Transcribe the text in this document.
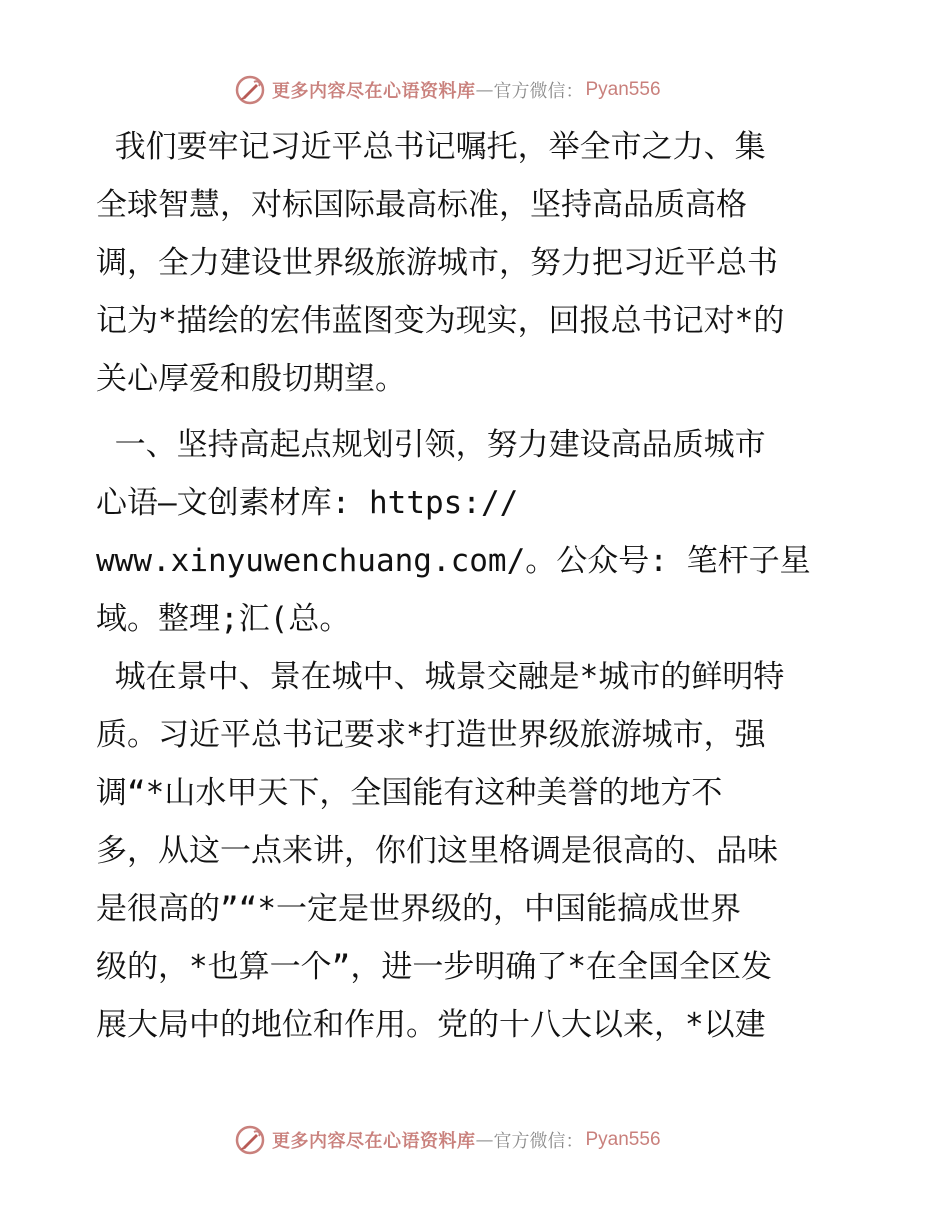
更多内容尽在心语资料库 — 官方微信： Pyan556
我们要牢记习近平总书记嘱托，举全市之力、集
全球智慧，对标国际最高标准，坚持高品质高格
调，全力建设世界级旅游城市，努力把习近平总书
记为*描绘的宏伟蓝图变为现实，回报总书记对*的
关心厚爱和殷切期望。
一、坚持高起点规划引领，努力建设高品质城市
心语—文创素材库: https://
www.xinyuwenchuang.com/。公众号: 笔杆子星
域。整理;汇(总。
城在景中、景在城中、城景交融是*城市的鲜明特
质。习近平总书记要求*打造世界级旅游城市，强
调“*山水甲天下，全国能有这种美誉的地方不
多，从这一点来讲，你们这里格调是很高的、品味
是很高的”“*一定是世界级的，中国能搞成世界
级的，*也算一个”，进一步明确了*在全国全区发
展大局中的地位和作用。党的十八大以来，*以建
更多内容尽在心语资料库 — 官方微信： Pyan556
